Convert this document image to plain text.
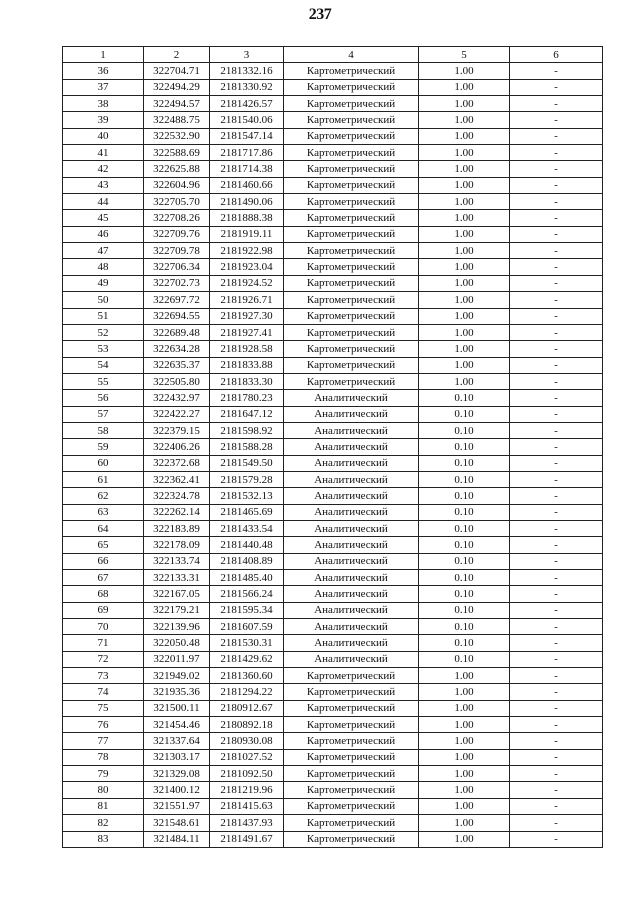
237
1	2	3	4	5	6
36	322704.71	2181332.16	Картометрический	1.00	-
37	322494.29	2181330.92	Картометрический	1.00	-
38	322494.57	2181426.57	Картометрический	1.00	-
39	322488.75	2181540.06	Картометрический	1.00	-
40	322532.90	2181547.14	Картометрический	1.00	-
41	322588.69	2181717.86	Картометрический	1.00	-
42	322625.88	2181714.38	Картометрический	1.00	-
43	322604.96	2181460.66	Картометрический	1.00	-
44	322705.70	2181490.06	Картометрический	1.00	-
45	322708.26	2181888.38	Картометрический	1.00	-
46	322709.76	2181919.11	Картометрический	1.00	-
47	322709.78	2181922.98	Картометрический	1.00	-
48	322706.34	2181923.04	Картометрический	1.00	-
49	322702.73	2181924.52	Картометрический	1.00	-
50	322697.72	2181926.71	Картометрический	1.00	-
51	322694.55	2181927.30	Картометрический	1.00	-
52	322689.48	2181927.41	Картометрический	1.00	-
53	322634.28	2181928.58	Картометрический	1.00	-
54	322635.37	2181833.88	Картометрический	1.00	-
55	322505.80	2181833.30	Картометрический	1.00	-
56	322432.97	2181780.23	Аналитический	0.10	-
57	322422.27	2181647.12	Аналитический	0.10	-
58	322379.15	2181598.92	Аналитический	0.10	-
59	322406.26	2181588.28	Аналитический	0.10	-
60	322372.68	2181549.50	Аналитический	0.10	-
61	322362.41	2181579.28	Аналитический	0.10	-
62	322324.78	2181532.13	Аналитический	0.10	-
63	322262.14	2181465.69	Аналитический	0.10	-
64	322183.89	2181433.54	Аналитический	0.10	-
65	322178.09	2181440.48	Аналитический	0.10	-
66	322133.74	2181408.89	Аналитический	0.10	-
67	322133.31	2181485.40	Аналитический	0.10	-
68	322167.05	2181566.24	Аналитический	0.10	-
69	322179.21	2181595.34	Аналитический	0.10	-
70	322139.96	2181607.59	Аналитический	0.10	-
71	322050.48	2181530.31	Аналитический	0.10	-
72	322011.97	2181429.62	Аналитический	0.10	-
73	321949.02	2181360.60	Картометрический	1.00	-
74	321935.36	2181294.22	Картометрический	1.00	-
75	321500.11	2180912.67	Картометрический	1.00	-
76	321454.46	2180892.18	Картометрический	1.00	-
77	321337.64	2180930.08	Картометрический	1.00	-
78	321303.17	2181027.52	Картометрический	1.00	-
79	321329.08	2181092.50	Картометрический	1.00	-
80	321400.12	2181219.96	Картометрический	1.00	-
81	321551.97	2181415.63	Картометрический	1.00	-
82	321548.61	2181437.93	Картометрический	1.00	-
83	321484.11	2181491.67	Картометрический	1.00	-
